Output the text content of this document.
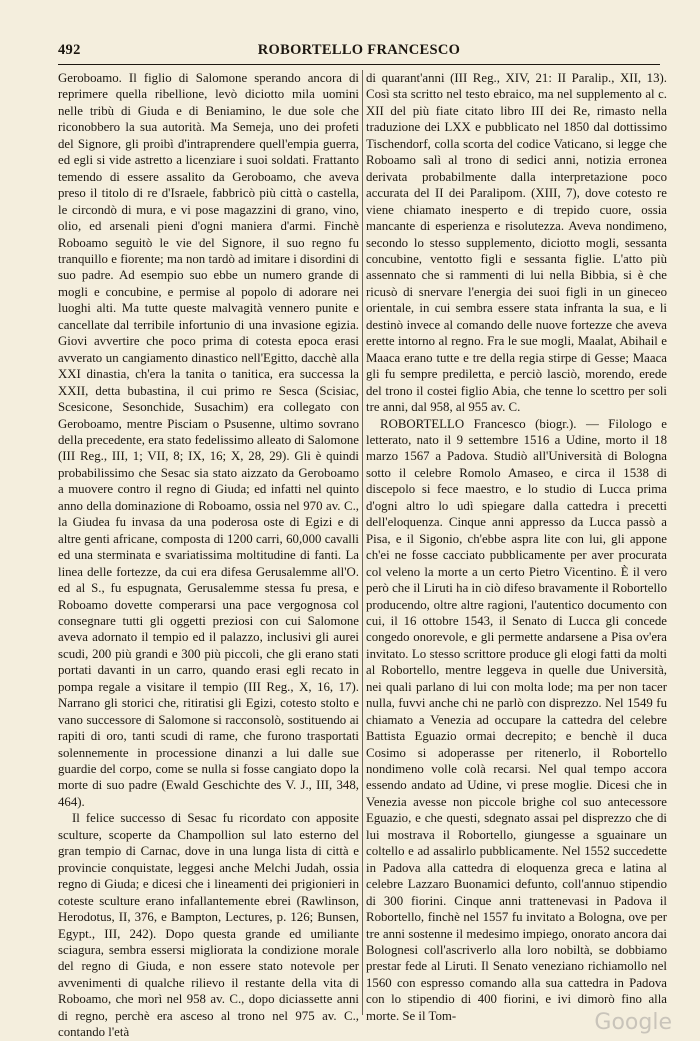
492	ROBORTELLO FRANCESCO

Geroboamo. Il figlio di Salomone sperando ancora di reprimere quella ribellione, levò diciotto mila uomini nelle tribù di Giuda e di Beniamino, le due sole che riconobbero la sua autorità. Ma Semeja, uno dei profeti del Signore, gli proibì d'intraprendere quell'empia guerra, ed egli si vide astretto a licenziare i suoi soldati. Frattanto temendo di essere assalito da Geroboamo, che aveva preso il titolo di re d'Israele, fabbricò più città o castella, le circondò di mura, e vi pose magazzini di grano, vino, olio, ed arsenali pieni d'ogni maniera d'armi. Finchè Roboamo seguitò le vie del Signore, il suo regno fu tranquillo e fiorente; ma non tardò ad imitare i disordini di suo padre. Ad esempio suo ebbe un numero grande di mogli e concubine, e permise al popolo di adorare nei luoghi alti. Ma tutte queste malvagità vennero punite e cancellate dal terribile infortunio di una invasione egizia. Giovi avvertire che poco prima di cotesta epoca erasi avverato un cangiamento dinastico nell'Egitto, dacchè alla XXI dinastia, ch'era la tanita o tanitica, era successa la XXII, detta bubastina, il cui primo re Sesca (Scisiac, Scesicone, Sesonchide, Susachim) era collegato con Geroboamo, mentre Pisciam o Psusenne, ultimo sovrano della precedente, era stato fedelissimo alleato di Salomone (III Reg., III, 1; VII, 8; IX, 16; X, 28, 29). Gli è quindi probabilissimo che Sesac sia stato aizzato da Geroboamo a muovere contro il regno di Giuda; ed infatti nel quinto anno della dominazione di Roboamo, ossia nel 970 av. C., la Giudea fu invasa da una poderosa oste di Egizi e di altre genti africane, composta di 1200 carri, 60,000 cavalli ed una sterminata e svariatissima moltitudine di fanti. La linea delle fortezze, da cui era difesa Gerusalemme all'O. ed al S., fu espugnata, Gerusalemme stessa fu presa, e Roboamo dovette comperarsi una pace vergognosa col consegnare tutti gli oggetti preziosi con cui Salomone aveva adornato il tempio ed il palazzo, inclusivi gli aurei scudi, 200 più grandi e 300 più piccoli, che gli erano stati portati davanti in un carro, quando erasi egli recato in pompa regale a visitare il tempio (III Reg., X, 16, 17). Narrano gli storici che, ritiratisi gli Egizi, cotesto stolto e vano successore di Salomone si racconsolò, sostituendo ai rapiti di oro, tanti scudi di rame, che furono trasportati solennemente in processione dinanzi a lui dalle sue guardie del corpo, come se nulla si fosse cangiato dopo la morte di suo padre (Ewald Geschichte des V. J., III, 348, 464).

Il felice successo di Sesac fu ricordato con apposite sculture, scoperte da Champollion sul lato esterno del gran tempio di Carnac, dove in una lunga lista di città e provincie conquistate, leggesi anche Melchi Judah, ossia regno di Giuda; e dicesi che i lineamenti dei prigionieri in coteste sculture erano infallantemente ebrei (Rawlinson, Herodotus, II, 376, e Bampton, Lectures, p. 126; Bunsen, Egypt., III, 242). Dopo questa grande ed umiliante sciagura, sembra essersi migliorata la condizione morale del regno di Giuda, e non essere stato notevole per avvenimenti di qualche rilievo il restante della vita di Roboamo, che morì nel 958 av. C., dopo diciassette anni di regno, perchè era asceso al trono nel 975 av. C., contando l'età

di quarant'anni (III Reg., XIV, 21: II Paralip., XII, 13). Così sta scritto nel testo ebraico, ma nel supplemento al c. XII del più fiate citato libro III dei Re, rimasto nella traduzione dei LXX e pubblicato nel 1850 dal dottissimo Tischendorf, colla scorta del codice Vaticano, si legge che Roboamo salì al trono di sedici anni, notizia erronea derivata probabilmente dalla interpretazione poco accurata del II dei Paralipom. (XIII, 7), dove cotesto re viene chiamato inesperto e di trepido cuore, ossia mancante di esperienza e risolutezza. Aveva nondimeno, secondo lo stesso supplemento, diciotto mogli, sessanta concubine, ventotto figli e sessanta figlie. L'atto più assennato che si rammenti di lui nella Bibbia, si è che ricusò di snervare l'energia dei suoi figli in un gineceo orientale, in cui sembra essere stata infranta la sua, e li destinò invece al comando delle nuove fortezze che aveva erette intorno al regno. Fra le sue mogli, Maalat, Abihail e Maaca erano tutte e tre della regia stirpe di Gesse; Maaca gli fu sempre prediletta, e perciò lasciò, morendo, erede del trono il costei figlio Abia, che tenne lo scettro per soli tre anni, dal 958, al 955 av. C.

ROBORTELLO Francesco (biogr.). — Filologo e letterato, nato il 9 settembre 1516 a Udine, morto il 18 marzo 1567 a Padova. Studiò all'Università di Bologna sotto il celebre Romolo Amaseo, e circa il 1538 di discepolo si fece maestro, e lo studio di Lucca prima d'ogni altro lo udì spiegare dalla cattedra i precetti dell'eloquenza. Cinque anni appresso da Lucca passò a Pisa, e il Sigonio, ch'ebbe aspra lite con lui, gli appone ch'ei ne fosse cacciato pubblicamente per aver procurata col veleno la morte a un certo Pietro Vicentino. È il vero però che il Liruti ha in ciò difeso bravamente il Robortello producendo, oltre altre ragioni, l'autentico documento con cui, il 16 ottobre 1543, il Senato di Lucca gli concede congedo onorevole, e gli permette andarsene a Pisa ov'era invitato. Lo stesso scrittore produce gli elogi fatti da molti al Robortello, mentre leggeva in quelle due Università, nei quali parlano di lui con molta lode; ma per non tacer nulla, fuvvi anche chi ne parlò con disprezzo. Nel 1549 fu chiamato a Venezia ad occupare la cattedra del celebre Battista Eguazio ormai decrepito; e benchè il duca Cosimo si adoperasse per ritenerlo, il Robortello nondimeno volle colà recarsi. Nel qual tempo accora essendo andato ad Udine, vi prese moglie. Dicesi che in Venezia avesse non piccole brighe col suo antecessore Eguazio, e che questi, sdegnato assai pel disprezzo che di lui mostrava il Robortello, giungesse a sguainare un coltello e ad assalirlo pubblicamente. Nel 1552 succedette in Padova alla cattedra di eloquenza greca e latina al celebre Lazzaro Buonamici defunto, coll'annuo stipendio di 300 fiorini. Cinque anni trattenevasi in Padova il Robortello, finchè nel 1557 fu invitato a Bologna, ove per tre anni sostenne il medesimo impiego, onorato ancora dai Bolognesi coll'ascriverlo alla loro nobiltà, se dobbiamo prestar fede al Liruti. Il Senato veneziano richiamollo nel 1560 con espresso comando alla sua cattedra in Padova con lo stipendio di 400 fiorini, e ivi dimorò fino alla morte. Se il Tom-	Google
